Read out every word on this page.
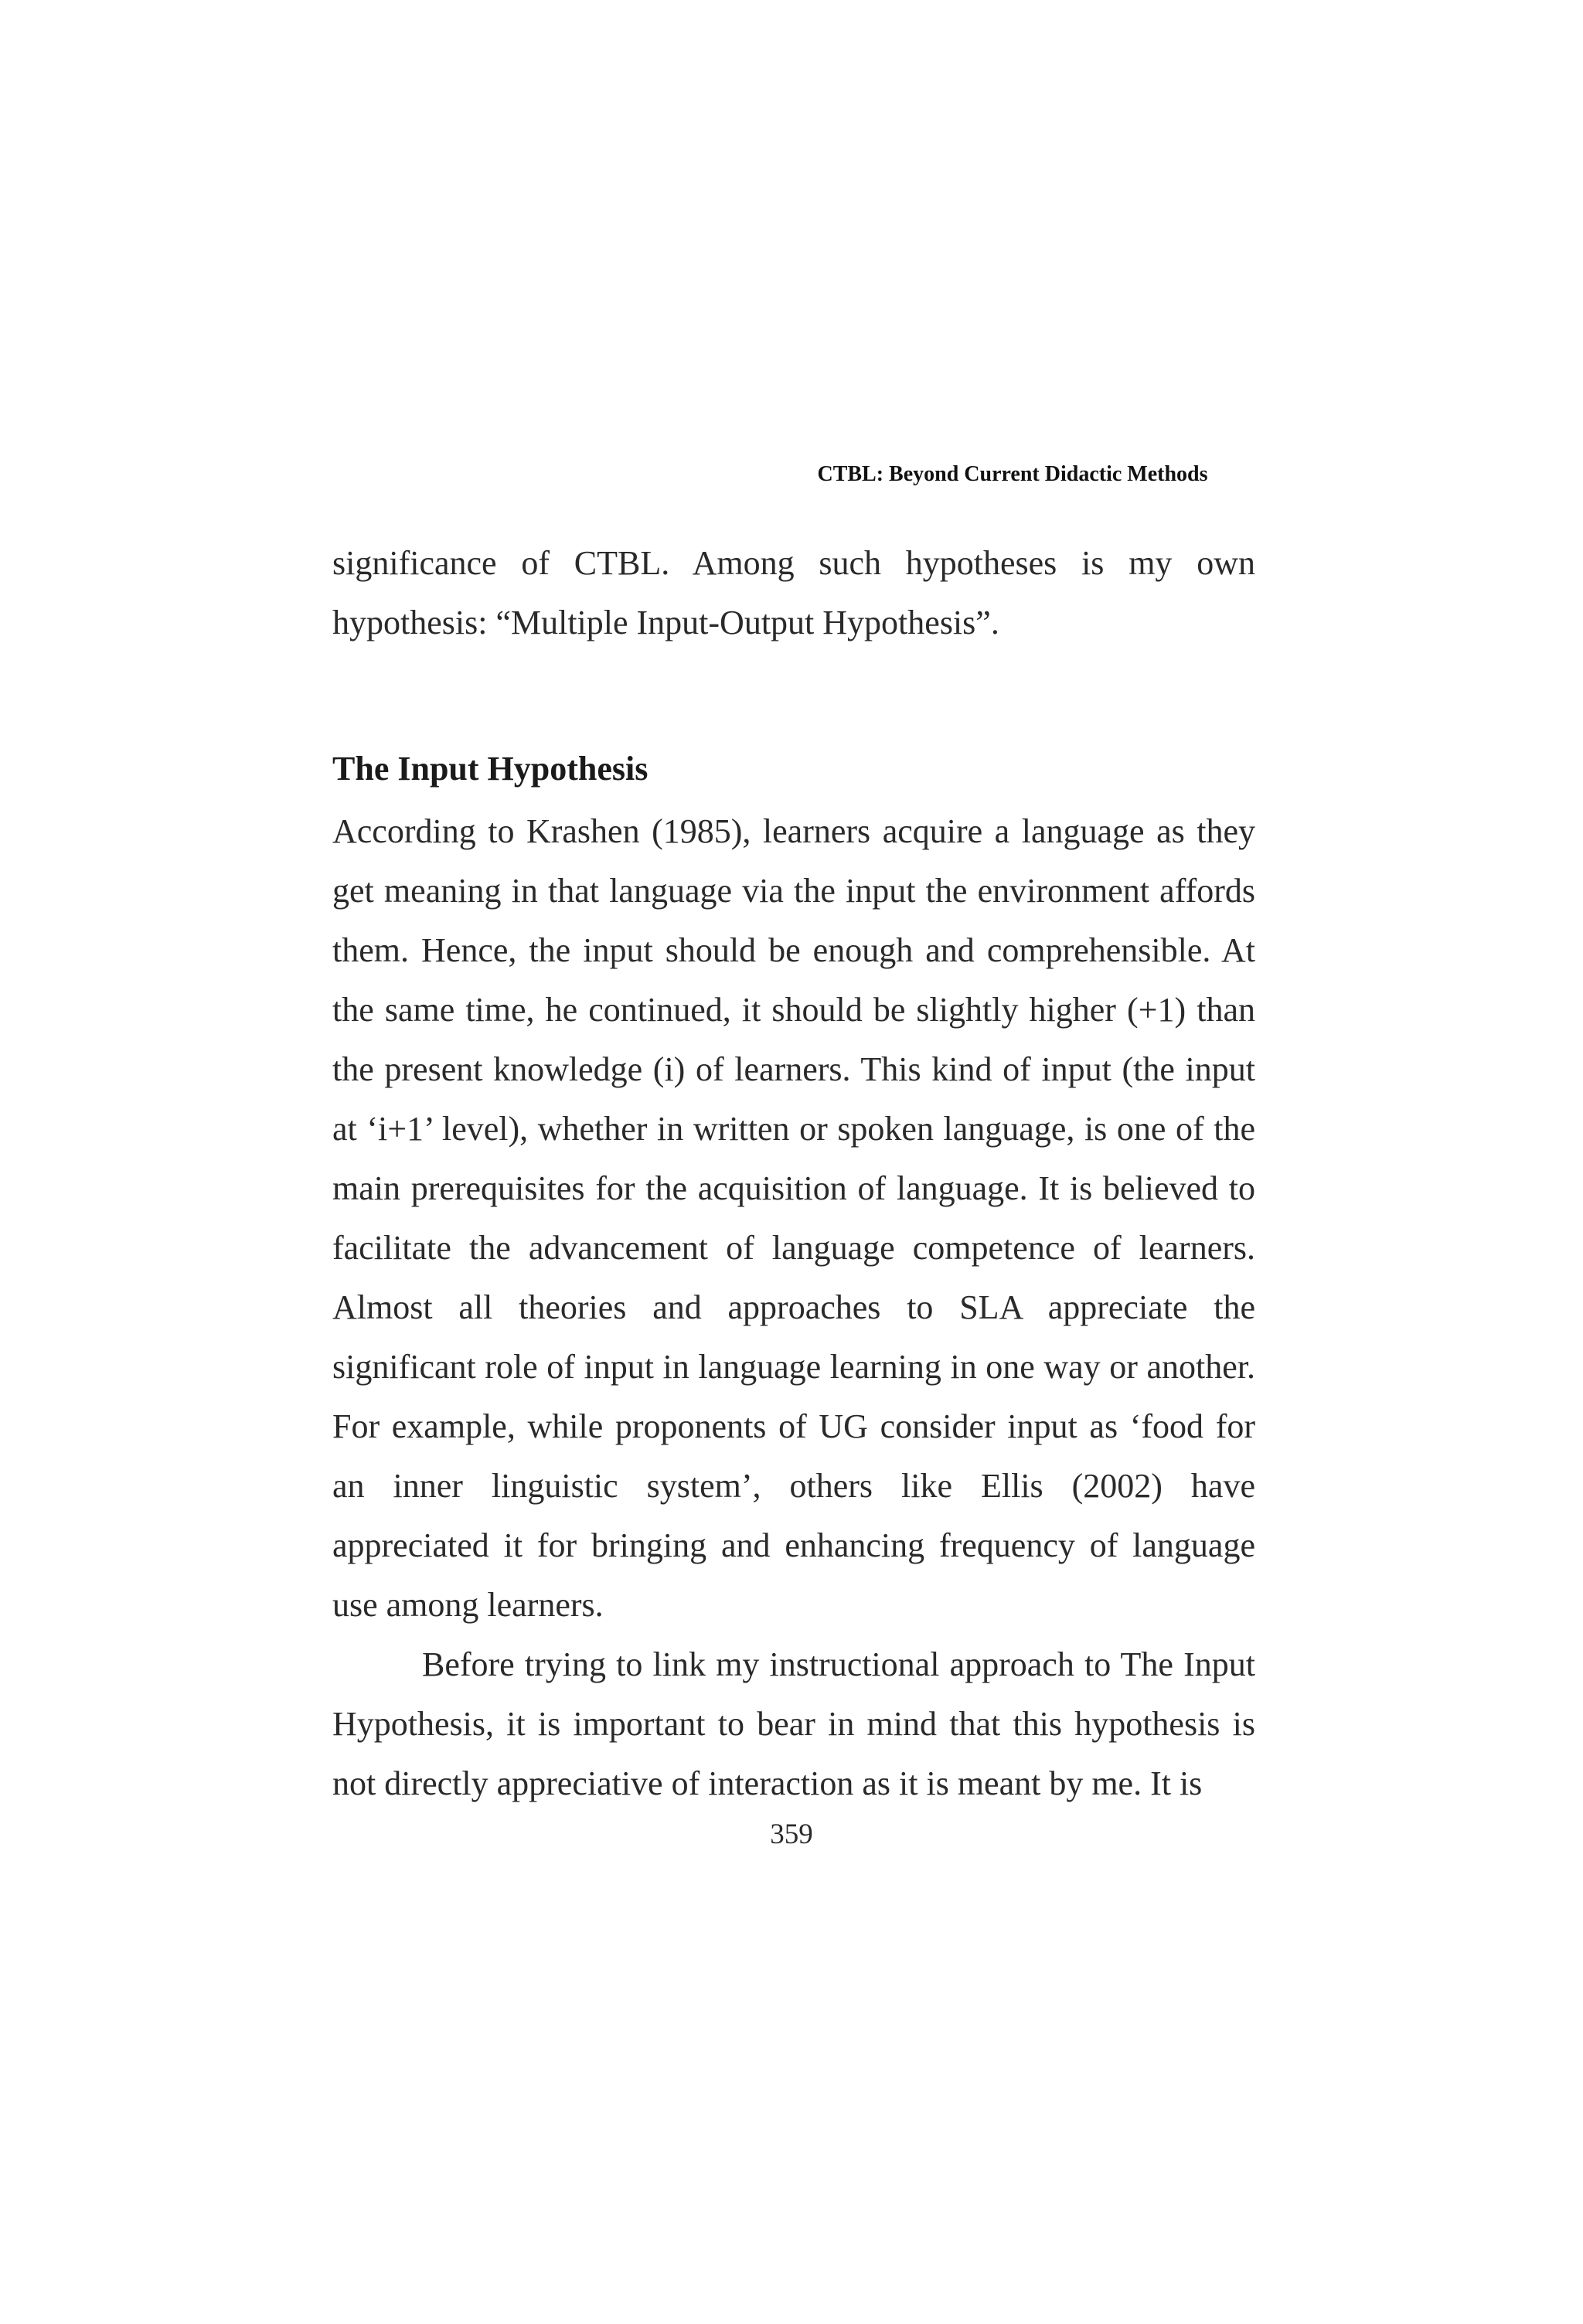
CTBL: Beyond Current Didactic Methods

significance of CTBL. Among such hypotheses is my own hypothesis: “Multiple Input-Output Hypothesis”.

The Input Hypothesis

According to Krashen (1985), learners acquire a language as they get meaning in that language via the input the environment affords them. Hence, the input should be enough and comprehensible. At the same time, he continued, it should be slightly higher (+1) than the present knowledge (i) of learners. This kind of input (the input at ‘i+1’ level), whether in written or spoken language, is one of the main prerequisites for the acquisition of language. It is believed to facilitate the advancement of language competence of learners. Almost all theories and approaches to SLA appreciate the significant role of input in language learning in one way or another. For example, while proponents of UG consider input as ‘food for an inner linguistic system’, others like Ellis (2002) have appreciated it for bringing and enhancing frequency of language use among learners.

Before trying to link my instructional approach to The Input Hypothesis, it is important to bear in mind that this hypothesis is not directly appreciative of interaction as it is meant by me. It is

359
